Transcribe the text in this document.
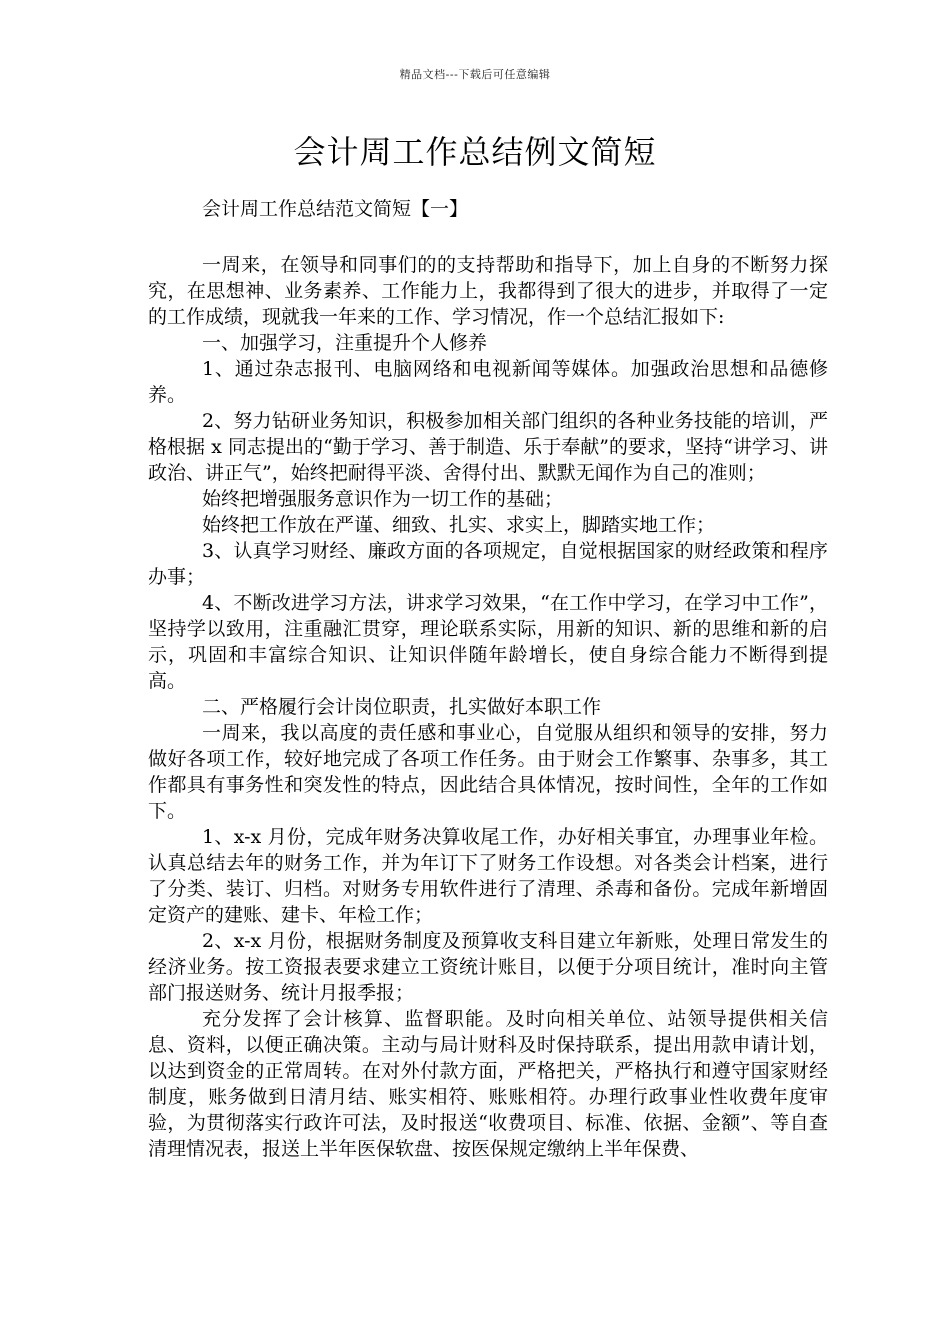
精品文档---下载后可任意编辑
会计周工作总结例文简短

会计周工作总结范文简短【一】

一周来，在领导和同事们的的支持帮助和指导下，加上自身的不断努力探究，在思想神、业务素养、工作能力上，我都得到了很大的进步，并取得了一定的工作成绩，现就我一年来的工作、学习情况，作一个总结汇报如下:

一、加强学习，注重提升个人修养

1、通过杂志报刊、电脑网络和电视新闻等媒体。加强政治思想和品德修养。

2、努力钻研业务知识，积极参加相关部门组织的各种业务技能的培训，严格根据 x 同志提出的“勤于学习、善于制造、乐于奉献”的要求，坚持“讲学习、讲政治、讲正气”，始终把耐得平淡、舍得付出、默默无闻作为自己的准则；

始终把增强服务意识作为一切工作的基础；

始终把工作放在严谨、细致、扎实、求实上，脚踏实地工作；

3、认真学习财经、廉政方面的各项规定，自觉根据国家的财经政策和程序办事；

4、不断改进学习方法，讲求学习效果，“在工作中学习，在学习中工作”，坚持学以致用，注重融汇贯穿，理论联系实际，用新的知识、新的思维和新的启示，巩固和丰富综合知识、让知识伴随年龄增长，使自身综合能力不断得到提高。

二、严格履行会计岗位职责，扎实做好本职工作

一周来，我以高度的责任感和事业心，自觉服从组织和领导的安排，努力做好各项工作，较好地完成了各项工作任务。由于财会工作繁事、杂事多，其工作都具有事务性和突发性的特点，因此结合具体情况，按时间性，全年的工作如下。

1、x-x 月份，完成年财务决算收尾工作，办好相关事宜，办理事业年检。认真总结去年的财务工作，并为年订下了财务工作设想。对各类会计档案，进行了分类、装订、归档。对财务专用软件进行了清理、杀毒和备份。完成年新增固定资产的建账、建卡、年检工作；

2、x-x 月份，根据财务制度及预算收支科目建立年新账，处理日常发生的经济业务。按工资报表要求建立工资统计账目，以便于分项目统计，准时向主管部门报送财务、统计月报季报；

充分发挥了会计核算、监督职能。及时向相关单位、站领导提供相关信息、资料，以便正确决策。主动与局计财科及时保持联系，提出用款申请计划，以达到资金的正常周转。在对外付款方面，严格把关，严格执行和遵守国家财经制度，账务做到日清月结、账实相符、账账相符。办理行政事业性收费年度审验，为贯彻落实行政许可法，及时报送“收费项目、标准、依据、金额”、等自查清理情况表，报送上半年医保软盘、按医保规定缴纳上半年保费、
